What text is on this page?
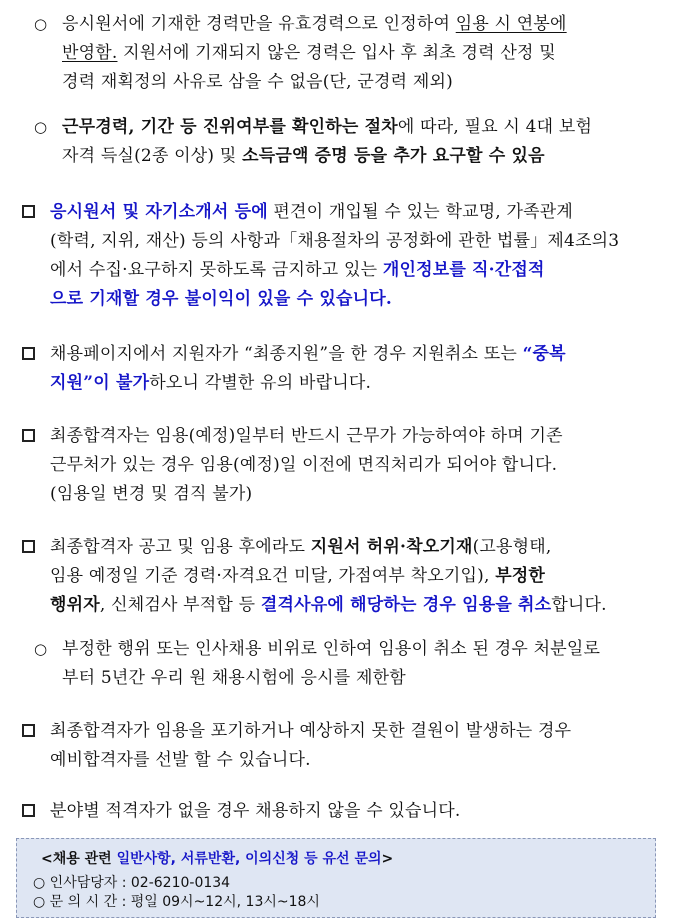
○ 응시원서에 기재한 경력만을 유효경력으로 인정하여 임용 시 연봉에
반영함. 지원서에 기재되지 않은 경력은 입사 후 최초 경력 산정 및
경력 재획정의 사유로 삼을 수 없음(단, 군경력 제외)
○ 근무경력, 기간 등 진위여부를 확인하는 절차에 따라, 필요 시 4대 보험
자격 득실(2종 이상) 및 소득금액 증명 등을 추가 요구할 수 있음
응시원서 및 자기소개서 등에 편견이 개입될 수 있는 학교명, 가족관계
(학력, 지위, 재산) 등의 사항과「채용절차의 공정화에 관한 법률」제4조의3
에서 수집·요구하지 못하도록 금지하고 있는 개인정보를 직·간접적
으로 기재할 경우 불이익이 있을 수 있습니다.
채용페이지에서 지원자가 “최종지원”을 한 경우 지원취소 또는 “중복
지원”이 불가하오니 각별한 유의 바랍니다.
최종합격자는 임용(예정)일부터 반드시 근무가 가능하여야 하며 기존
근무처가 있는 경우 임용(예정)일 이전에 면직처리가 되어야 합니다.
(임용일 변경 및 겸직 불가)
최종합격자 공고 및 임용 후에라도 지원서 허위·착오기재(고용형태,
임용 예정일 기준 경력·자격요건 미달, 가점여부 착오기입), 부정한
행위자, 신체검사 부적합 등 결격사유에 해당하는 경우 임용을 취소합니다.
○ 부정한 행위 또는 인사채용 비위로 인하여 임용이 취소 된 경우 처분일로
부터 5년간 우리 원 채용시험에 응시를 제한함
최종합격자가 임용을 포기하거나 예상하지 못한 결원이 발생하는 경우
예비합격자를 선발 할 수 있습니다.
분야별 적격자가 없을 경우 채용하지 않을 수 있습니다.
<채용 관련 일반사항, 서류반환, 이의신청 등 유선 문의>
○ 인사담당자 : 02-6210-0134
○ 문 의 시 간 : 평일 09시~12시, 13시~18시
